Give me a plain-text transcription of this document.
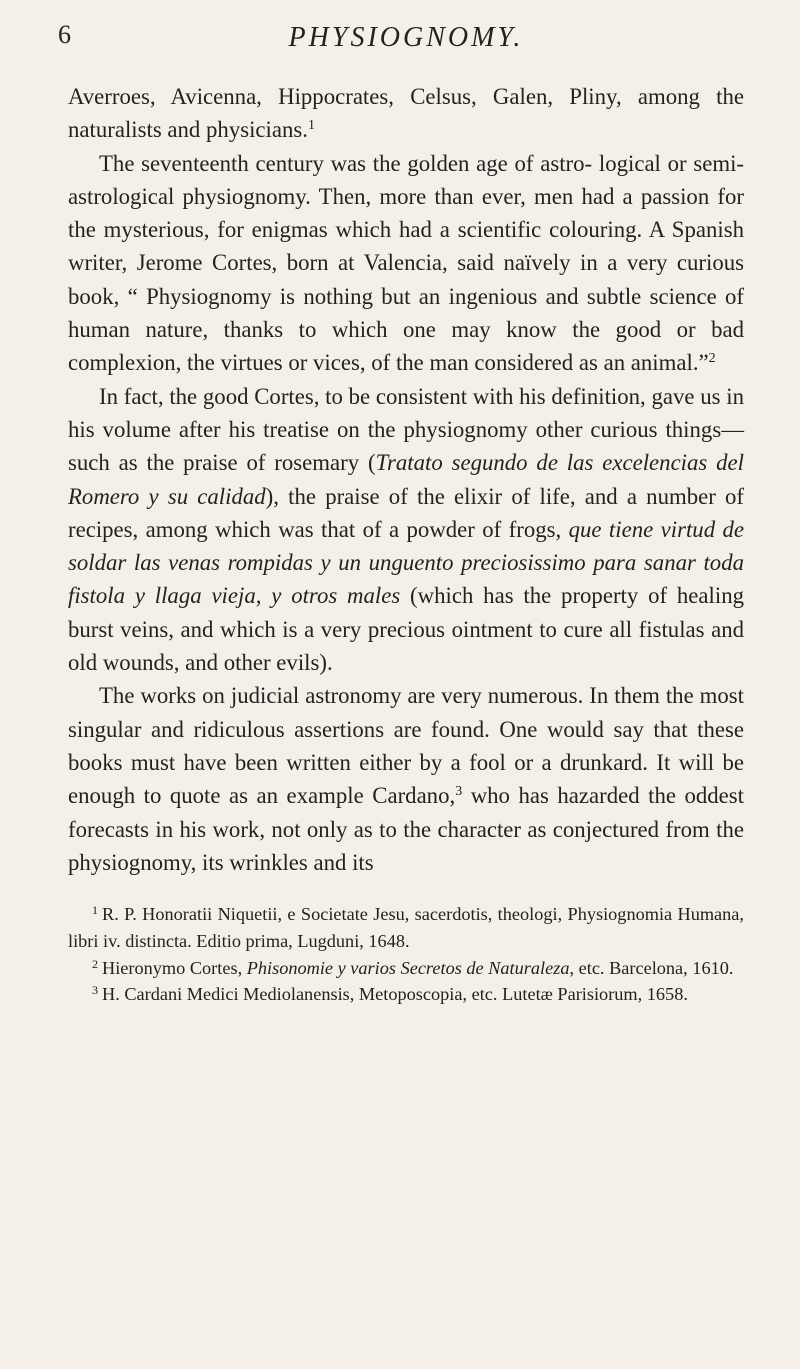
6	PHYSIOGNOMY.

Averroes, Avicenna, Hippocrates, Celsus, Galen, Pliny, among the naturalists and physicians.$^1$

The seventeenth century was the golden age of astro- logical or semi-astrological physiognomy. Then, more than ever, men had a passion for the mysterious, for enigmas which had a scientific colouring. A Spanish writer, Jerome Cortes, born at Valencia, said naïvely in a very curious book, “ Physiognomy is nothing but an ingenious and subtle science of human nature, thanks to which one may know the good or bad complexion, the virtues or vices, of the man considered as an animal.”$^2$

In fact, the good Cortes, to be consistent with his definition, gave us in his volume after his treatise on the physiognomy other curious things—such as the praise of rosemary (Tratato segundo de las excelencias del Romero y su calidad), the praise of the elixir of life, and a number of recipes, among which was that of a powder of frogs, que tiene virtud de soldar las venas rompidas y un unguento preciosissimo para sanar toda fistola y llaga vieja, y otros males (which has the property of healing burst veins, and which is a very precious ointment to cure all fistulas and old wounds, and other evils).

The works on judicial astronomy are very numerous. In them the most singular and ridiculous assertions are found. One would say that these books must have been written either by a fool or a drunkard. It will be enough to quote as an example Cardano,$^3$ who has hazarded the oddest forecasts in his work, not only as to the character as conjectured from the physiognomy, its wrinkles and its

$^1$ R. P. Honoratii Niquetii, e Societate Jesu, sacerdotis, theologi, Physiognomia Humana, libri iv. distincta. Editio prima, Lugduni, 1648.

$^2$ Hieronymo Cortes, Phisonomie y varios Secretos de Naturaleza, etc. Barcelona, 1610.

$^3$ H. Cardani Medici Mediolanensis, Metoposcopia, etc. Lutetæ Parisiorum, 1658.
